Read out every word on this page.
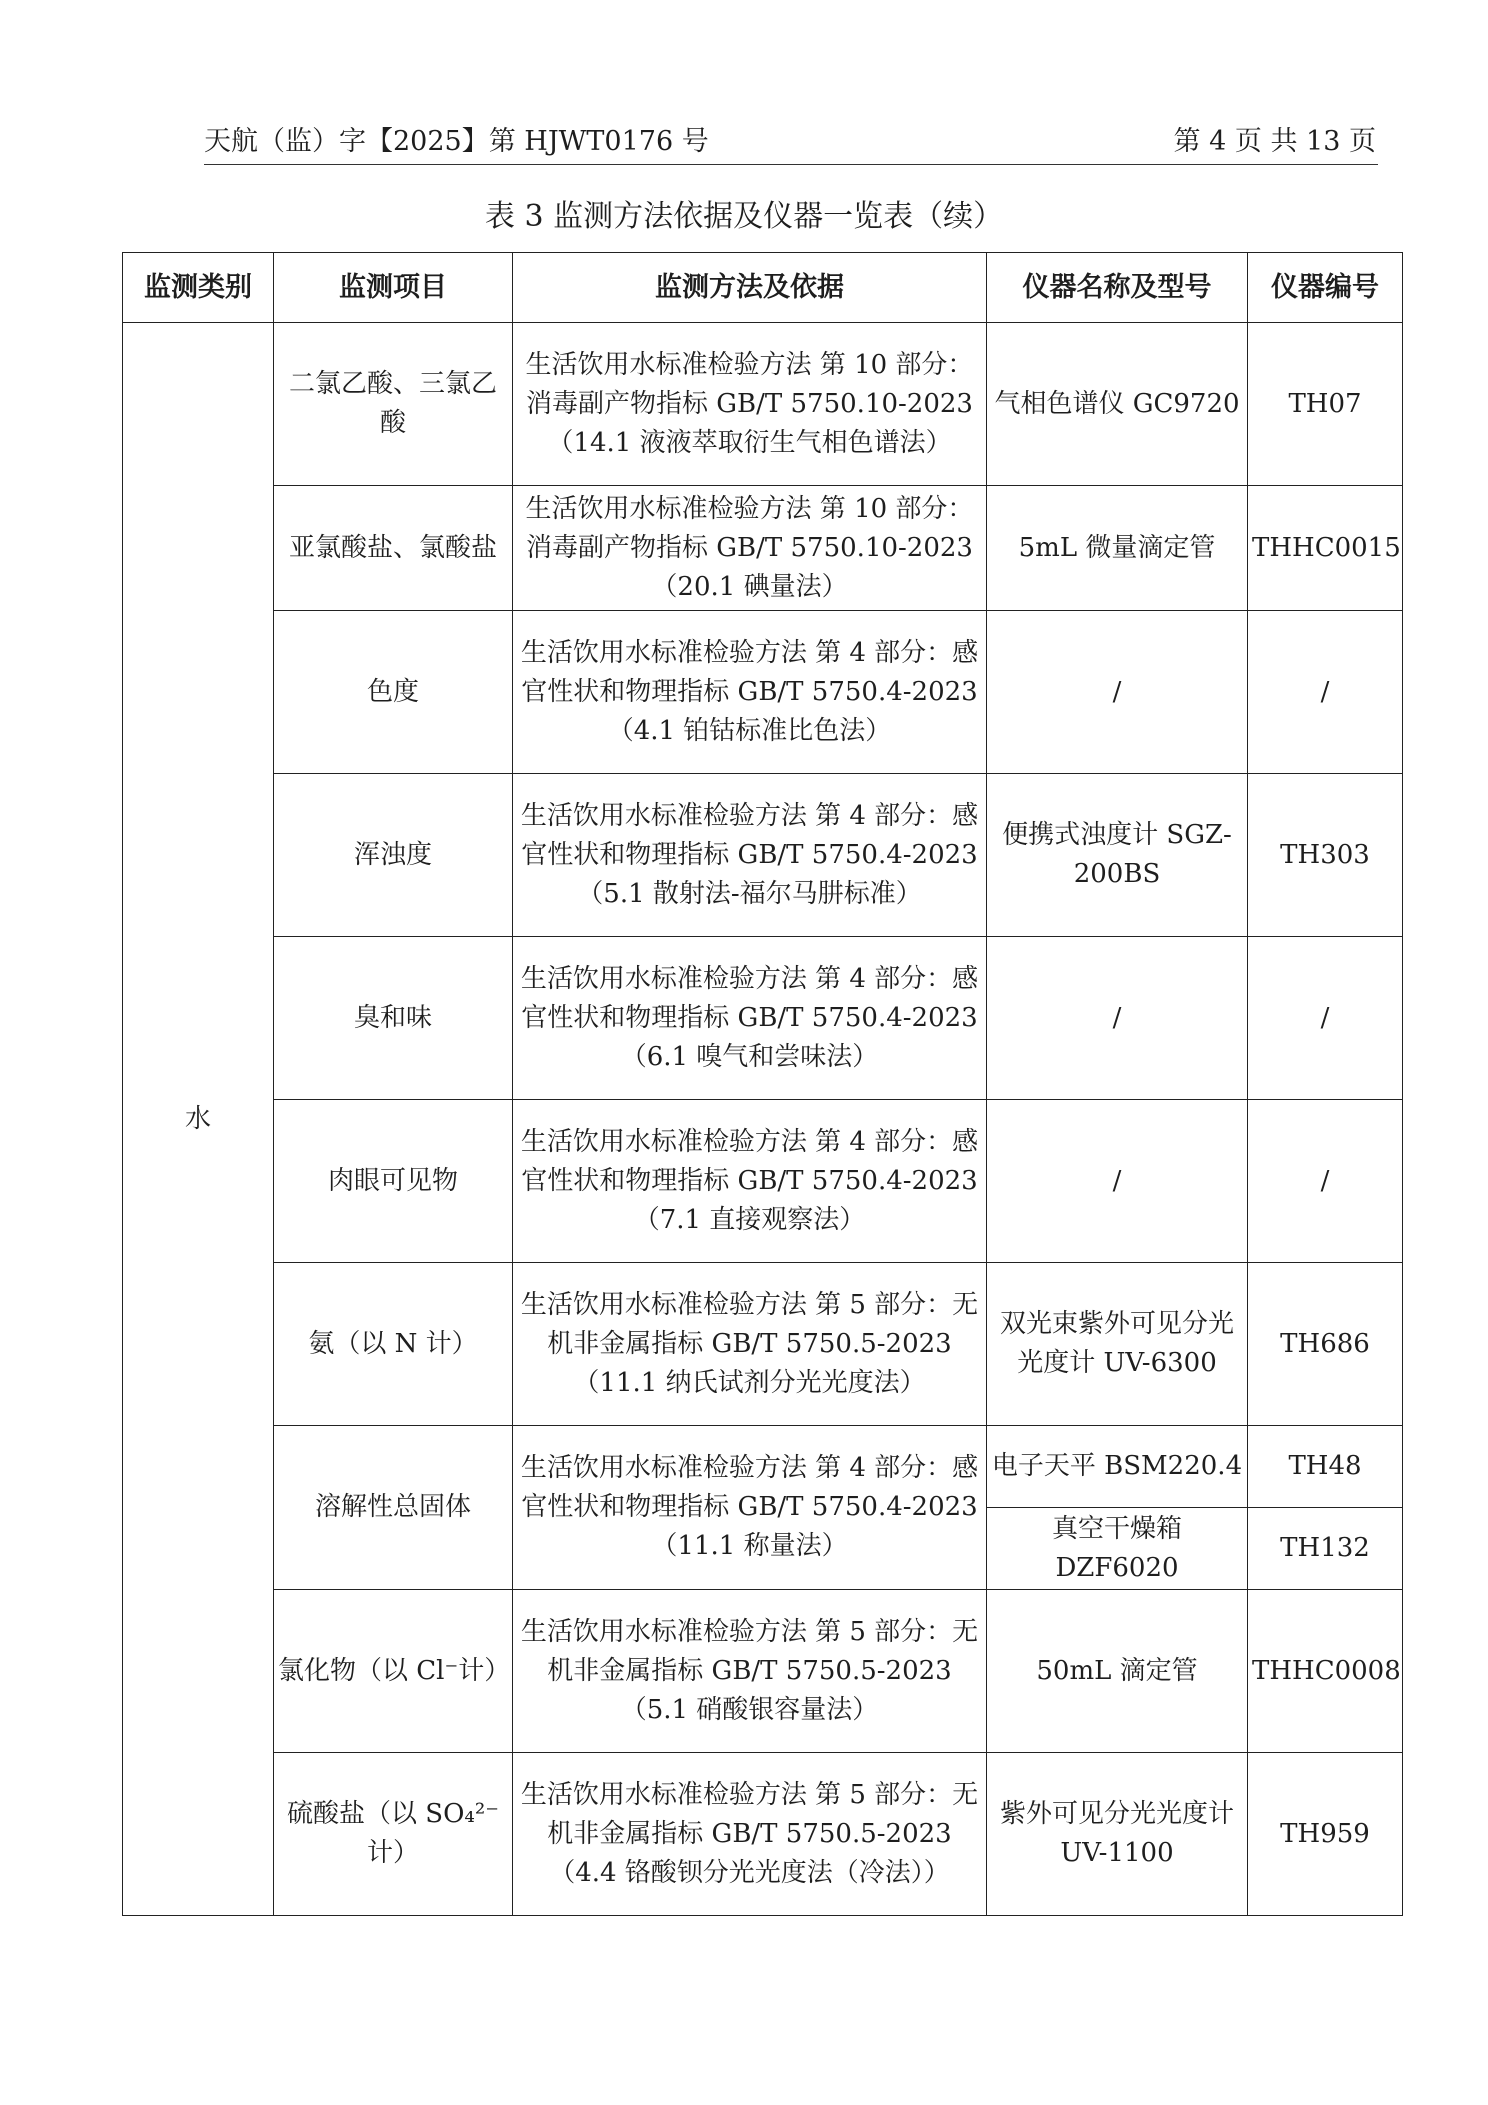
天航（监）字【2025】第 HJWT0176 号	第 4 页 共 13 页
表 3 监测方法依据及仪器一览表（续）
监测类别	监测项目	监测方法及依据	仪器名称及型号	仪器编号
水	二氯乙酸、三氯乙酸	生活饮用水标准检验方法 第 10 部分：消毒副产物指标 GB/T 5750.10-2023（14.1 液液萃取衍生气相色谱法）	气相色谱仪 GC9720	TH07
	亚氯酸盐、氯酸盐	生活饮用水标准检验方法 第 10 部分：消毒副产物指标 GB/T 5750.10-2023（20.1 碘量法）	5mL 微量滴定管	THHC0015
	色度	生活饮用水标准检验方法 第 4 部分：感官性状和物理指标 GB/T 5750.4-2023（4.1 铂钴标准比色法）	/	/
	浑浊度	生活饮用水标准检验方法 第 4 部分：感官性状和物理指标 GB/T 5750.4-2023（5.1 散射法-福尔马肼标准）	便携式浊度计 SGZ-200BS	TH303
	臭和味	生活饮用水标准检验方法 第 4 部分：感官性状和物理指标 GB/T 5750.4-2023（6.1 嗅气和尝味法）	/	/
	肉眼可见物	生活饮用水标准检验方法 第 4 部分：感官性状和物理指标 GB/T 5750.4-2023（7.1 直接观察法）	/	/
	氨（以 N 计）	生活饮用水标准检验方法 第 5 部分：无机非金属指标 GB/T 5750.5-2023（11.1 纳氏试剂分光光度法）	双光束紫外可见分光光度计 UV-6300	TH686
	溶解性总固体	生活饮用水标准检验方法 第 4 部分：感官性状和物理指标 GB/T 5750.4-2023（11.1 称量法）	电子天平 BSM220.4	TH48
			真空干燥箱 DZF6020	TH132
	氯化物（以 Cl⁻计）	生活饮用水标准检验方法 第 5 部分：无机非金属指标 GB/T 5750.5-2023（5.1 硝酸银容量法）	50mL 滴定管	THHC0008
	硫酸盐（以 SO₄²⁻计）	生活饮用水标准检验方法 第 5 部分：无机非金属指标 GB/T 5750.5-2023（4.4 铬酸钡分光光度法（冷法））	紫外可见分光光度计 UV-1100	TH959
